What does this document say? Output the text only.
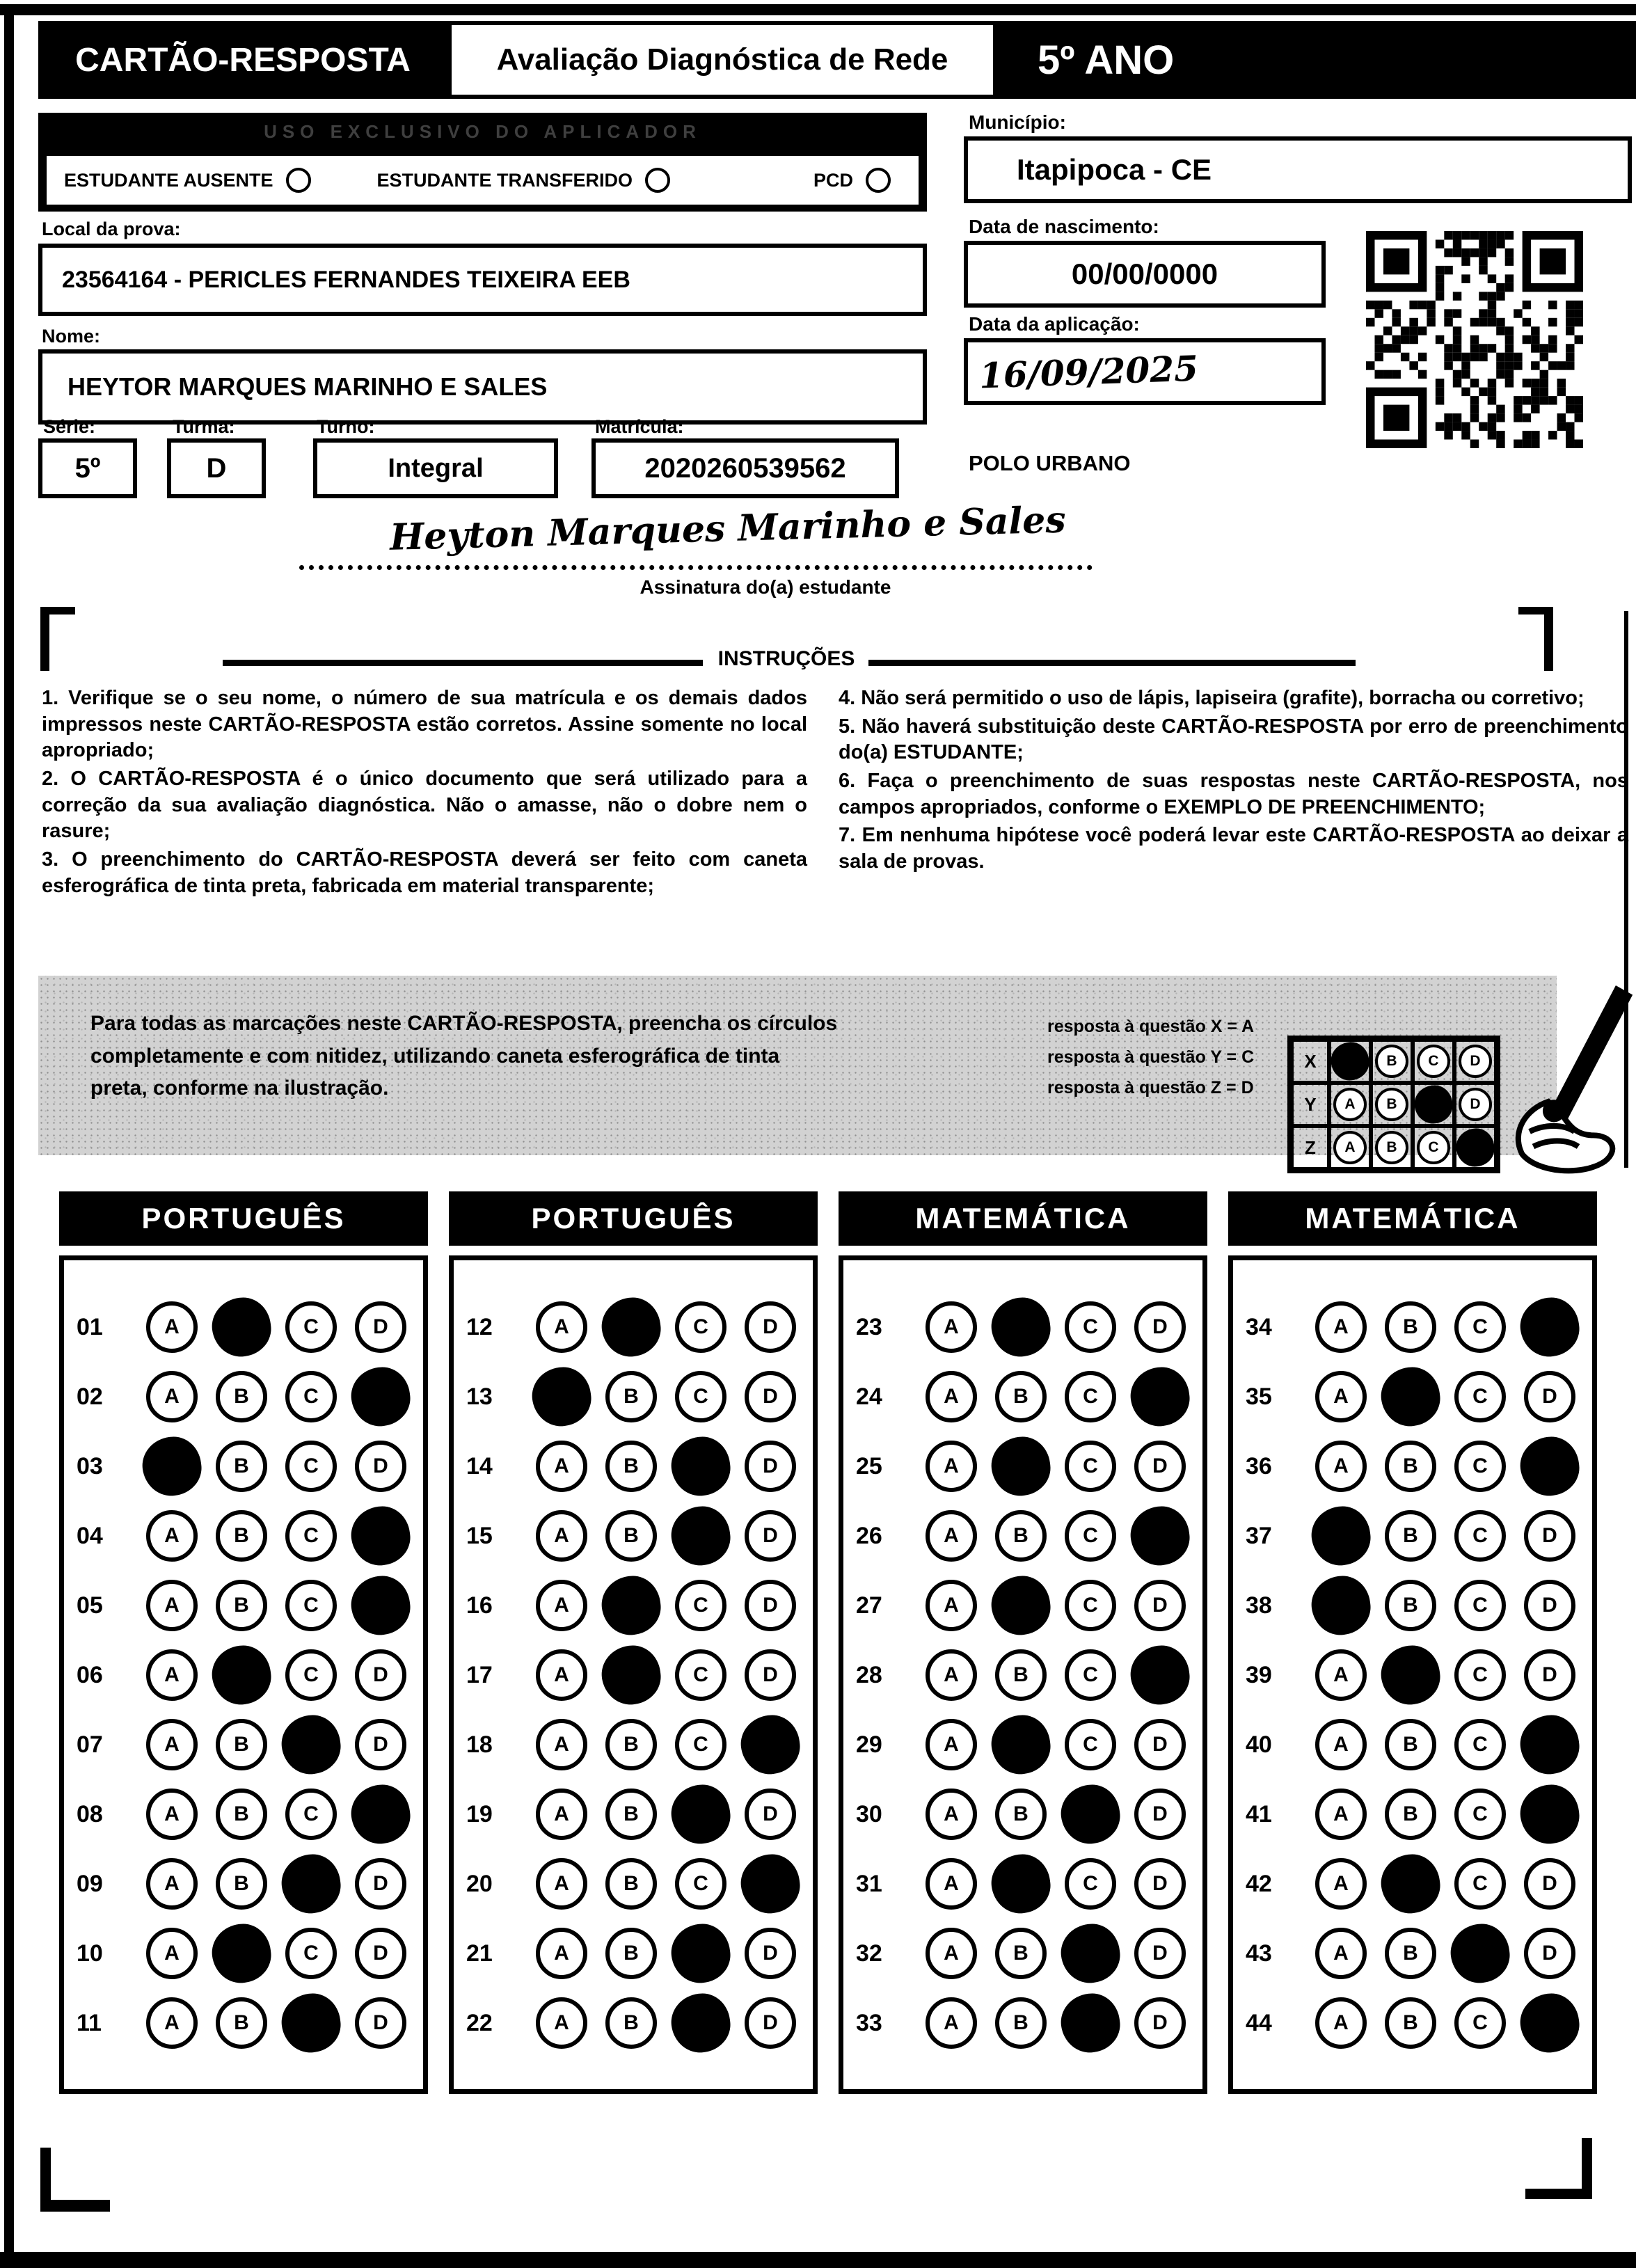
CARTÃO-RESPOSTA	Avaliação Diagnóstica de Rede 5º ANO
USO EXCLUSIVO DO APLICADOR
ESTUDANTE AUSENTE	ESTUDANTE TRANSFERIDO	PCD
Local da prova:
23564164 - PERICLES FERNANDES TEIXEIRA EEB
Nome:
HEYTOR MARQUES MARINHO E SALES
Série:	Turma:	Turno:	Matrícula:
5º	D	Integral	2020260539562
Município:
Itapipoca - CE
Data de nascimento:
00/00/0000
Data da aplicação:
16/09/2025
POLO URBANO
Heyton Marques Marinho e Sales
Assinatura do(a) estudante
INSTRUÇÕES

1. Verifique se o seu nome, o número de sua matrícula e os demais dados impressos neste CARTÃO-RESPOSTA estão corretos. Assine somente no local apropriado;

2. O CARTÃO-RESPOSTA é o único documento que será utilizado para a correção da sua avaliação diagnóstica. Não o amasse, não o dobre nem o rasure;

3. O preenchimento do CARTÃO-RESPOSTA deverá ser feito com caneta esferográfica de tinta preta, fabricada em material transparente;

4. Não será permitido o uso de lápis, lapiseira (grafite), borracha ou corretivo;

5. Não haverá substituição deste CARTÃO-RESPOSTA por erro de preenchimento do(a) ESTUDANTE;

6. Faça o preenchimento de suas respostas neste CARTÃO-RESPOSTA, nos campos apropriados, conforme o EXEMPLO DE PREENCHIMENTO;

7. Em nenhuma hipótese você poderá levar este CARTÃO-RESPOSTA ao deixar a sala de provas.

Para todas as marcações neste CARTÃO-RESPOSTA, preencha os círculos completamente e com nitidez, utilizando caneta esferográfica de tinta preta, conforme na ilustração.
resposta à questão X = A
resposta à questão Y = C
resposta à questão Z = D
X	B	C	D
Y	A	B	D
Z	A	B	C
PORTUGUÊS
01	A	C	D
02	A	B	C
03	B	C	D
04	A	B	C
05	A	B	C
06	A	C	D
07	A	B	D
08	A	B	C
09	A	B	D
10	A	C	D
11	A	B	D
PORTUGUÊS
12	A	C	D
13	B	C	D
14	A	B	D
15	A	B	D
16	A	C	D
17	A	C	D
18	A	B	C
19	A	B	D
20	A	B	C
21	A	B	D
22	A	B	D
MATEMÁTICA
23	A	C	D
24	A	B	C
25	A	C	D
26	A	B	C
27	A	C	D
28	A	B	C
29	A	C	D
30	A	B	D
31	A	C	D
32	A	B	D
33	A	B	D
MATEMÁTICA
34	A	B	C
35	A	C	D
36	A	B	C
37	B	C	D
38	B	C	D
39	A	C	D
40	A	B	C
41	A	B	C
42	A	C	D
43	A	B	D
44	A	B	C
